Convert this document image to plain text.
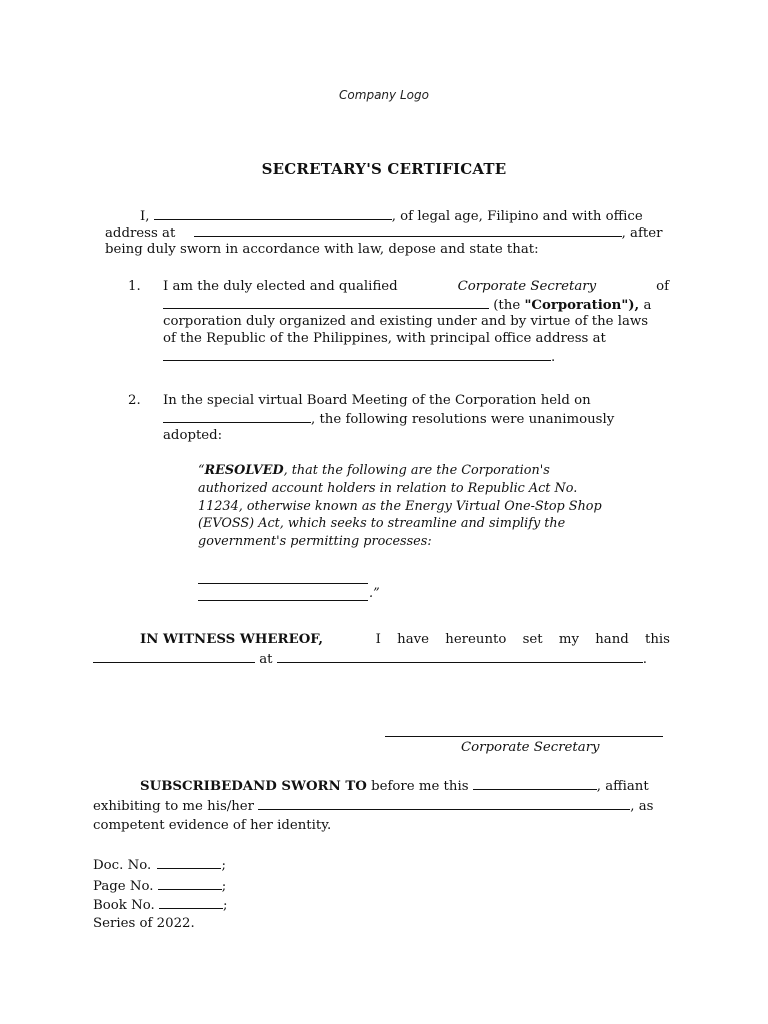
Company Logo
SECRETARY'S CERTIFICATE
I,	, of legal age, Filipino and with office
address at	, after
being duly sworn in accordance with law, depose and state that:
1. I am the duly elected and qualified	Corporate Secretary	of
(the "Corporation"), a
corporation duly organized and existing under and by virtue of the laws
of the Republic of the Philippines, with principal office address at
.
2. In the special virtual Board Meeting of the Corporation held on
, the following resolutions were unanimously
adopted:
“RESOLVED, that the following are the Corporation's
authorized account holders in relation to Republic Act No.
11234, otherwise known as the Energy Virtual One-Stop Shop
(EVOSS) Act, which seeks to streamline and simplify the
government's permitting processes:
.”
IN WITNESS WHEREOF,	I have hereunto set my hand this
at	.
Corporate Secretary
SUBSCRIBEDAND SWORN TO before me this	, affiant
exhibiting to me his/her	, as
competent evidence of her identity.
Doc. No.	;
Page No.	;
Book No.	;
Series of 2022.
